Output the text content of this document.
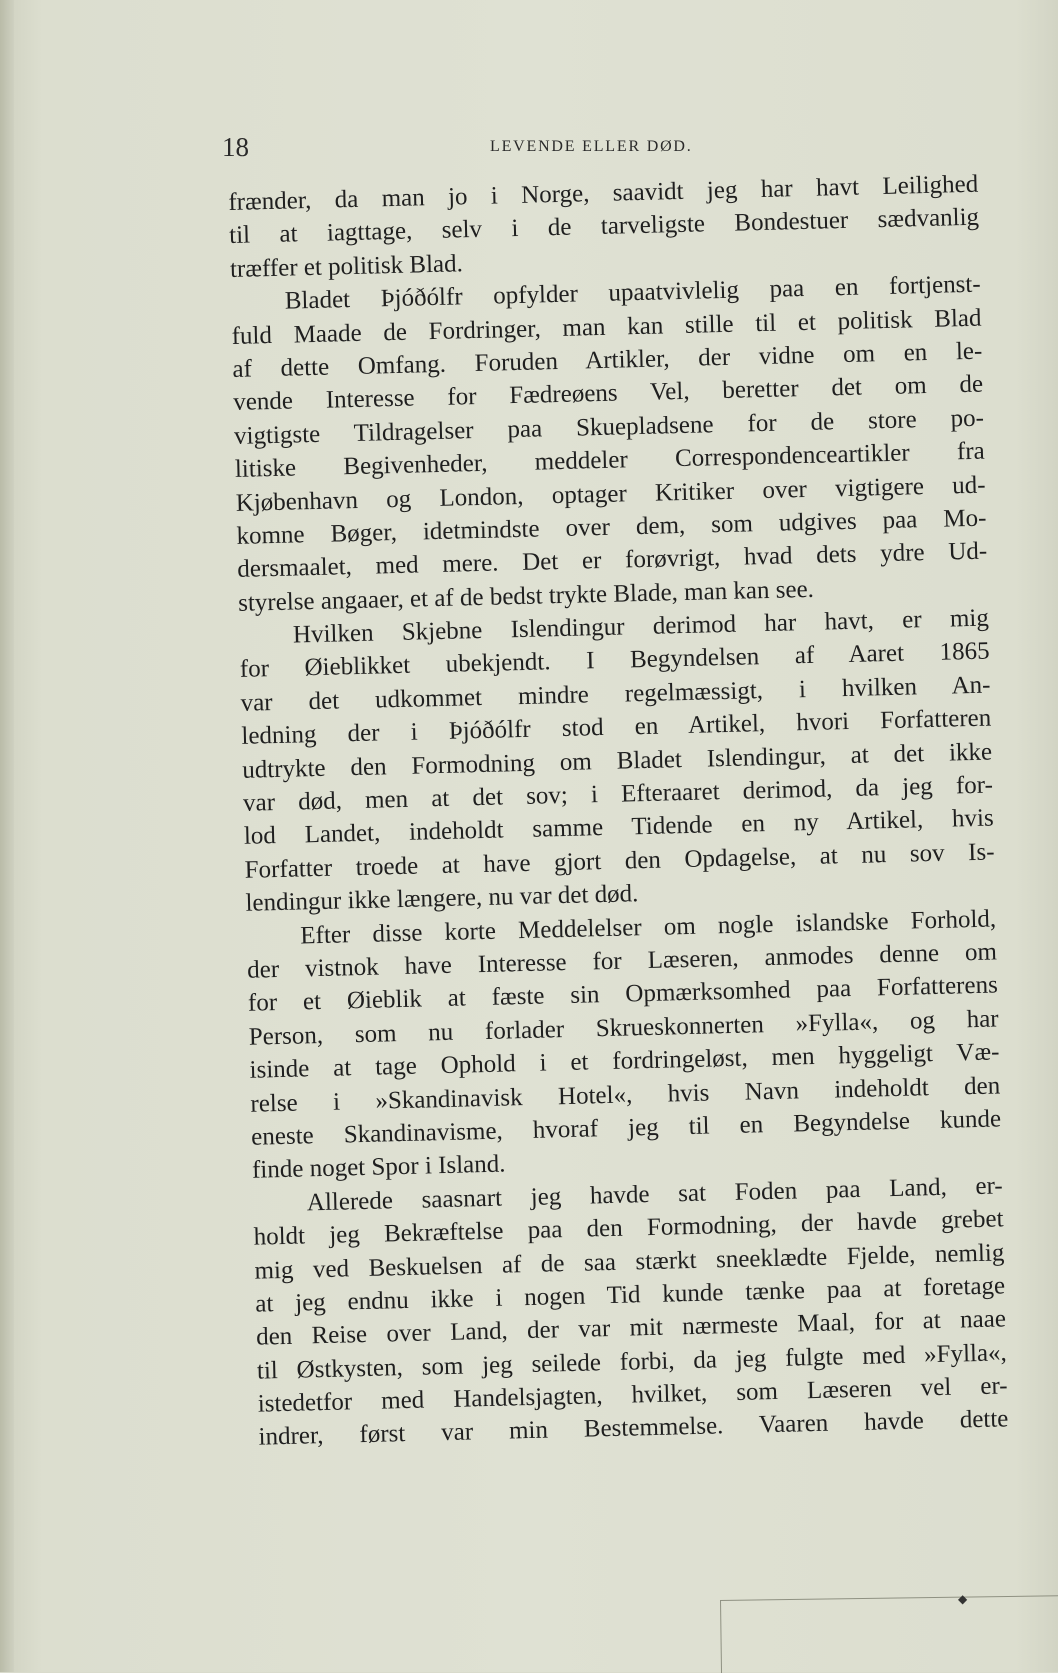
18	LEVENDE ELLER DØD.
frænder, da man jo i Norge, saavidt jeg har havt Leilighed
til at iagttage, selv i de tarveligste Bondestuer sædvanlig
træffer et politisk Blad.
Bladet Þjóðólfr opfylder upaatvivlelig paa en fortjenst-
fuld Maade de Fordringer, man kan stille til et politisk Blad
af dette Omfang. Foruden Artikler, der vidne om en le-
vende Interesse for Fædreøens Vel, beretter det om de
vigtigste Tildragelser paa Skuepladsene for de store po-
litiske Begivenheder, meddeler Correspondenceartikler fra
Kjøbenhavn og London, optager Kritiker over vigtigere ud-
komne Bøger, idetmindste over dem, som udgives paa Mo-
dersmaalet, med mere. Det er forøvrigt, hvad dets ydre Ud-
styrelse angaaer, et af de bedst trykte Blade, man kan see.
Hvilken Skjebne Islendingur derimod har havt, er mig
for Øieblikket ubekjendt. I Begyndelsen af Aaret 1865
var det udkommet mindre regelmæssigt, i hvilken An-
ledning der i Þjóðólfr stod en Artikel, hvori Forfatteren
udtrykte den Formodning om Bladet Islendingur, at det ikke
var død, men at det sov; i Efteraaret derimod, da jeg for-
lod Landet, indeholdt samme Tidende en ny Artikel, hvis
Forfatter troede at have gjort den Opdagelse, at nu sov Is-
lendingur ikke længere, nu var det død.
Efter disse korte Meddelelser om nogle islandske Forhold,
der vistnok have Interesse for Læseren, anmodes denne om
for et Øieblik at fæste sin Opmærksomhed paa Forfatterens
Person, som nu forlader Skrueskonnerten »Fylla«, og har
isinde at tage Ophold i et fordringeløst, men hyggeligt Væ-
relse i »Skandinavisk Hotel«, hvis Navn indeholdt den
eneste Skandinavisme, hvoraf jeg til en Begyndelse kunde
finde noget Spor i Island.
Allerede saasnart jeg havde sat Foden paa Land, er-
holdt jeg Bekræftelse paa den Formodning, der havde grebet
mig ved Beskuelsen af de saa stærkt sneeklædte Fjelde, nemlig
at jeg endnu ikke i nogen Tid kunde tænke paa at foretage
den Reise over Land, der var mit nærmeste Maal, for at naae
til Østkysten, som jeg seilede forbi, da jeg fulgte med »Fylla«,
istedetfor med Handelsjagten, hvilket, som Læseren vel er-
indrer, først var min Bestemmelse. Vaaren havde dette
◆
